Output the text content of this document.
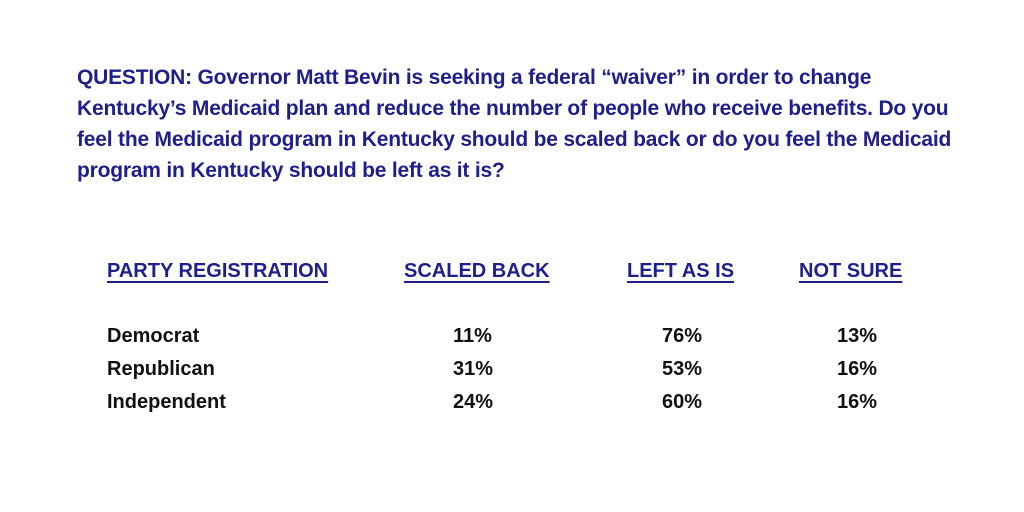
QUESTION: Governor Matt Bevin is seeking a federal “waiver” in order to change Kentucky’s Medicaid plan and reduce the number of people who receive benefits. Do you feel the Medicaid program in Kentucky should be scaled back or do you feel the Medicaid program in Kentucky should be left as it is?

PARTY REGISTRATION	SCALED BACK	LEFT AS IS	NOT SURE
Democrat	11%	76%	13%
Republican	31%	53%	16%
Independent	24%	60%	16%
